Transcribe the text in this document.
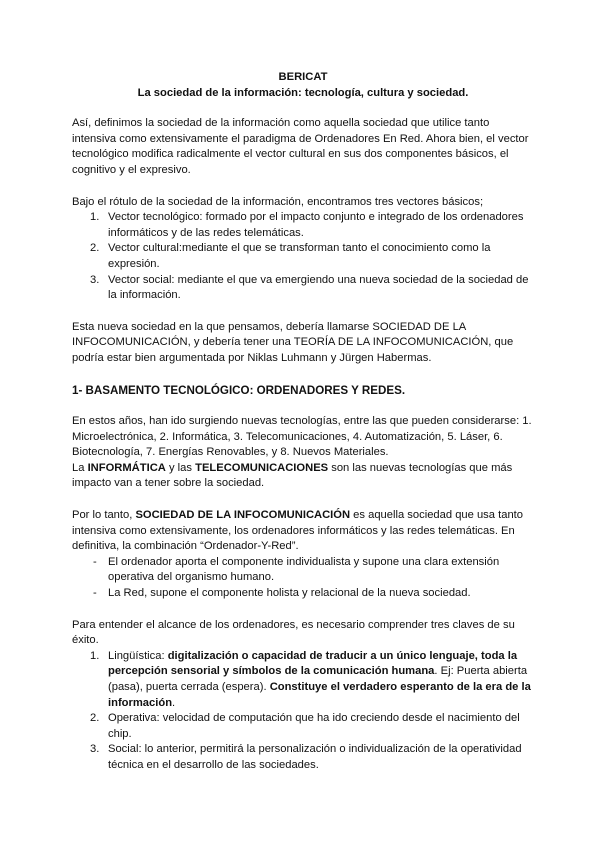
BERICAT
La sociedad de la información: tecnología, cultura y sociedad.

Así, definimos la sociedad de la información como aquella sociedad que utilice tanto intensiva como extensivamente el paradigma de Ordenadores En Red. Ahora bien, el vector tecnológico modifica radicalmente el vector cultural en sus dos componentes básicos, el cognitivo y el expresivo.

Bajo el rótulo de la sociedad de la información, encontramos tres vectores básicos;

1. Vector tecnológico: formado por el impacto conjunto e integrado de los ordenadores informáticos y de las redes telemáticas.
2. Vector cultural:mediante el que se transforman tanto el conocimiento como la expresión.
3. Vector social: mediante el que va emergiendo una nueva sociedad de la sociedad de la información.

Esta nueva sociedad en la que pensamos, debería llamarse SOCIEDAD DE LA INFOCOMUNICACIÓN, y debería tener una TEORÍA DE LA INFOCOMUNICACIÓN, que podría estar bien argumentada por Niklas Luhmann y Jürgen Habermas.

1- BASAMENTO TECNOLÓGICO: ORDENADORES Y REDES.

En estos años, han ido surgiendo nuevas tecnologías, entre las que pueden considerarse: 1. Microelectrónica, 2. Informática, 3. Telecomunicaciones, 4. Automatización, 5. Láser, 6. Biotecnología, 7. Energías Renovables, y 8. Nuevos Materiales.

La INFORMÁTICA y las TELECOMUNICACIONES son las nuevas tecnologías que más impacto van a tener sobre la sociedad.

Por lo tanto, SOCIEDAD DE LA INFOCOMUNICACIÓN es aquella sociedad que usa tanto intensiva como extensivamente, los ordenadores informáticos y las redes telemáticas. En definitiva, la combinación “Ordenador-Y-Red”.

- El ordenador aporta el componente individualista y supone una clara extensión operativa del organismo humano.
- La Red, supone el componente holista y relacional de la nueva sociedad.

Para entender el alcance de los ordenadores, es necesario comprender tres claves de su éxito.

1. Lingüística: digitalización o capacidad de traducir a un único lenguaje, toda la percepción sensorial y símbolos de la comunicación humana. Ej: Puerta abierta (pasa), puerta cerrada (espera). Constituye el verdadero esperanto de la era de la información.
2. Operativa: velocidad de computación que ha ido creciendo desde el nacimiento del chip.
3. Social: lo anterior, permitirá la personalización o individualización de la operatividad técnica en el desarrollo de las sociedades.
